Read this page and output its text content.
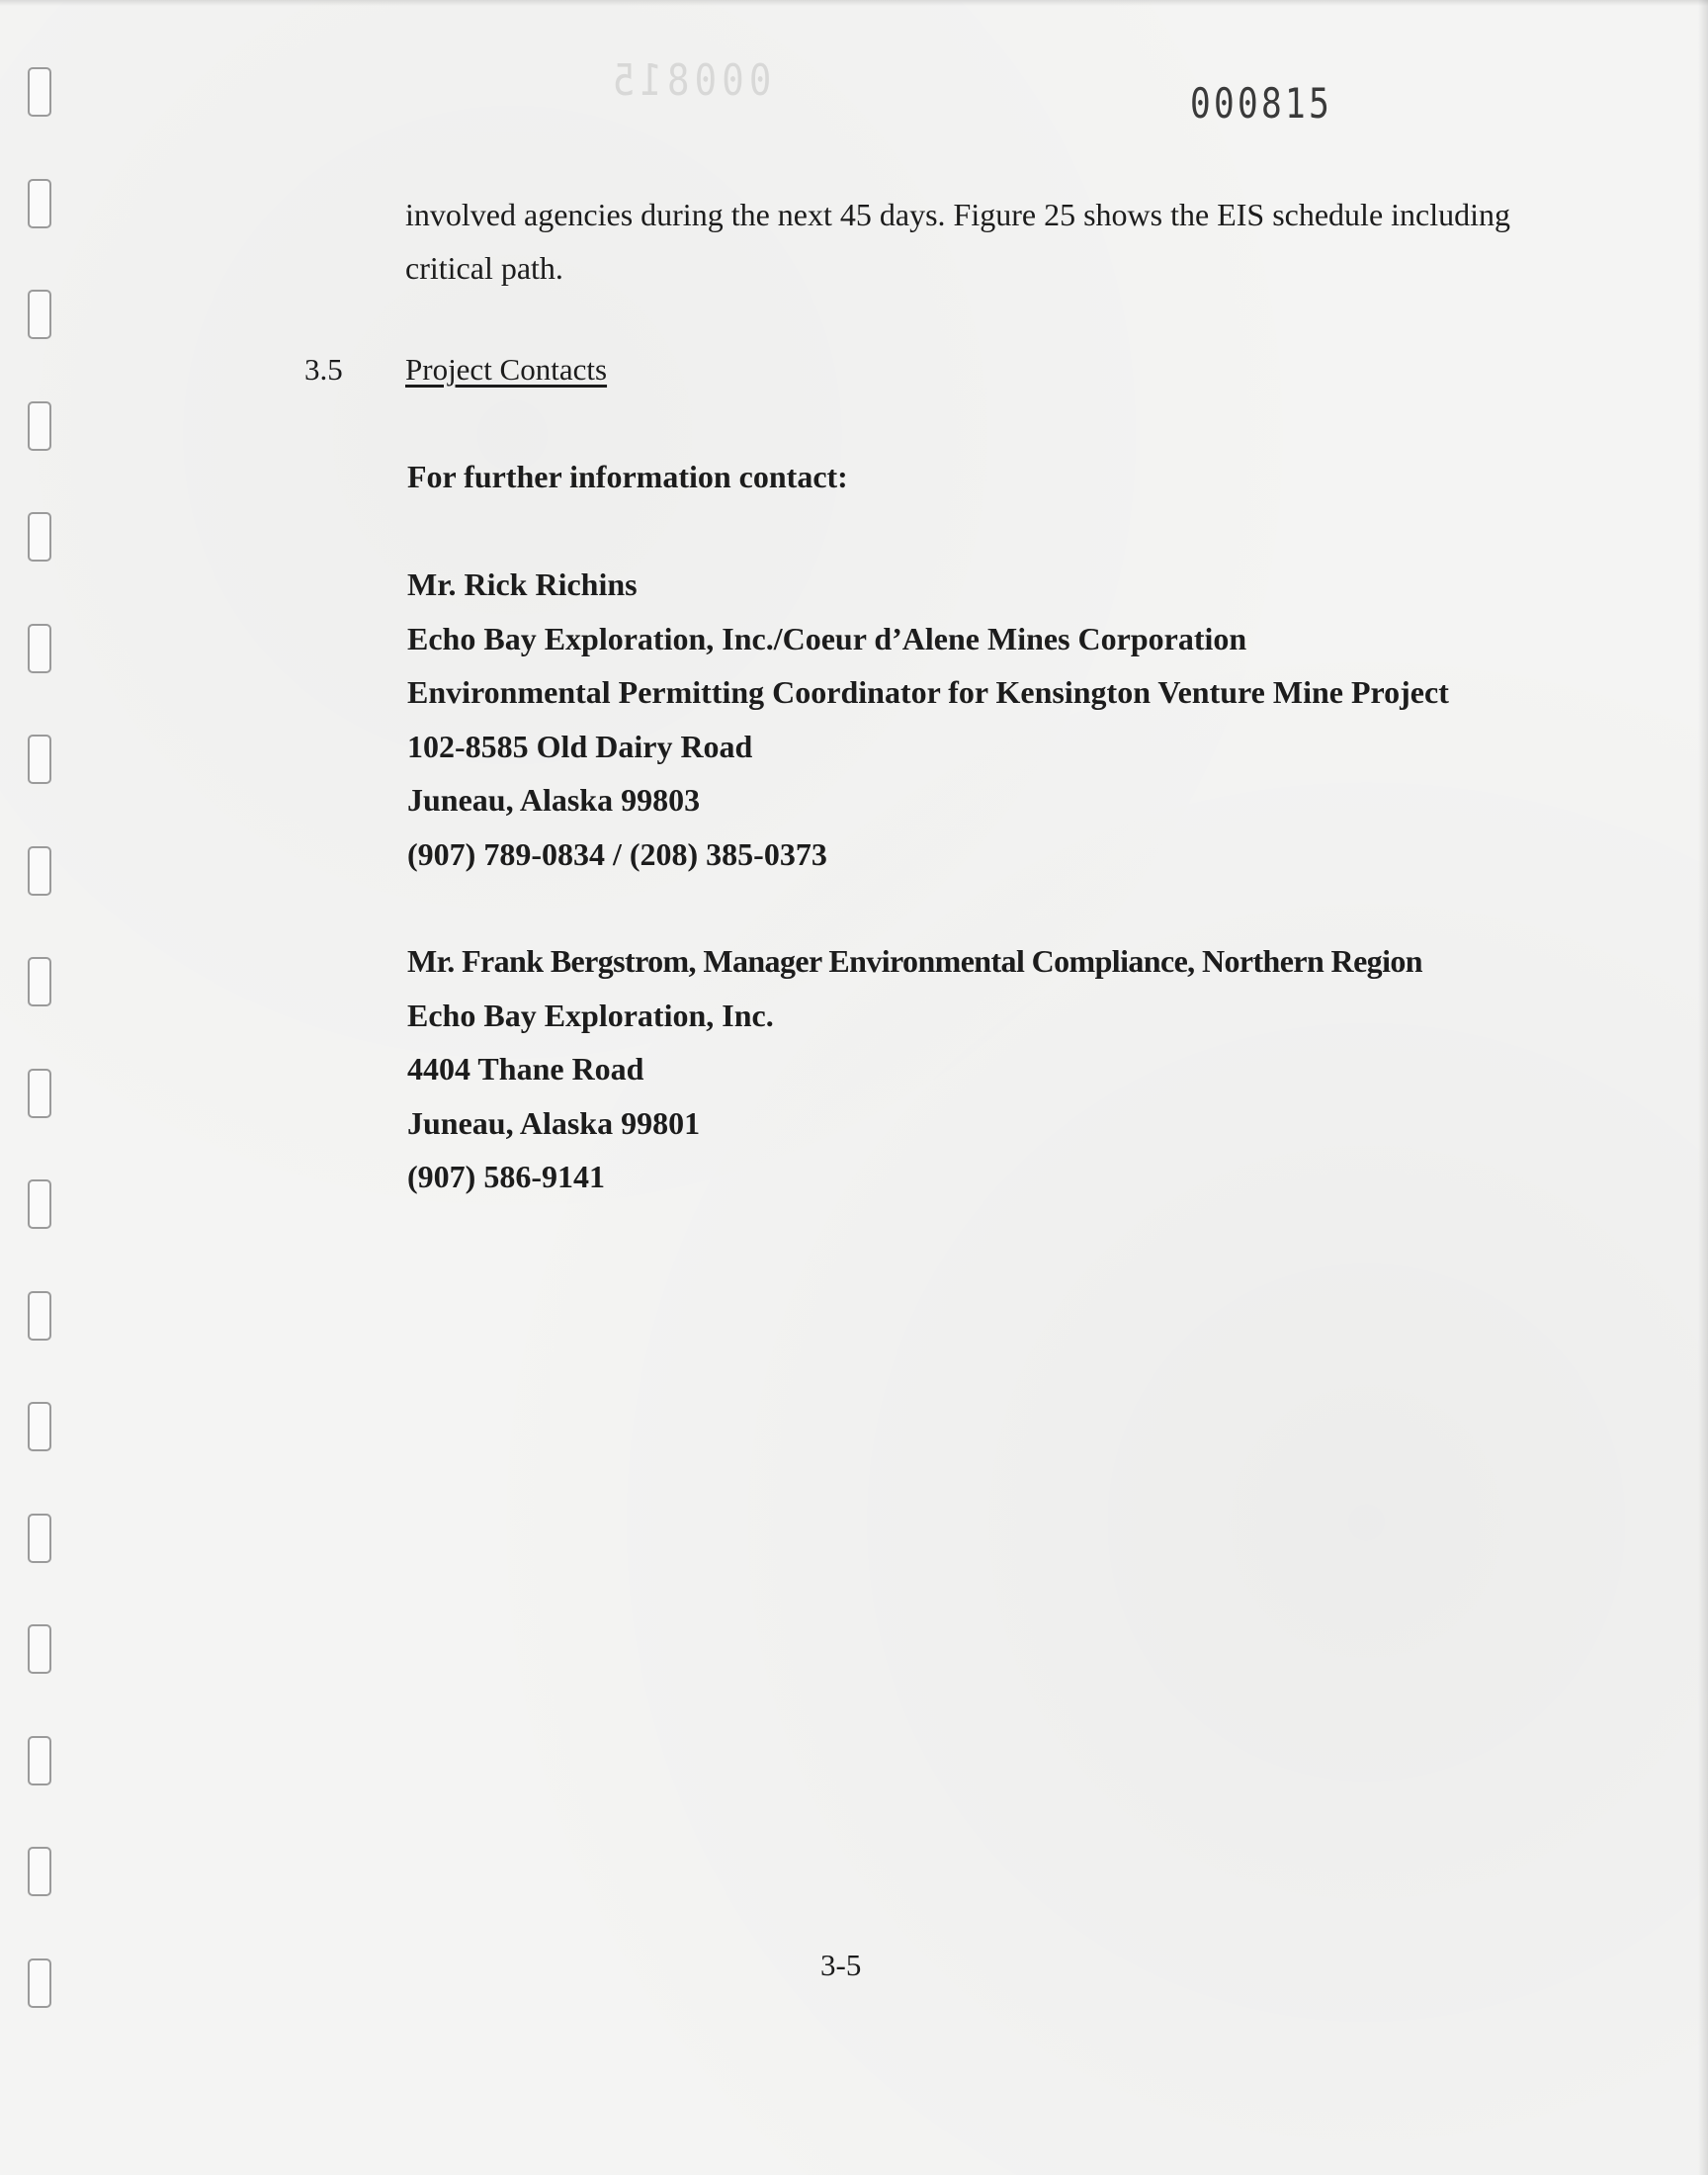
000815	000815

involved agencies during the next 45 days. Figure 25 shows the EIS schedule including critical path.

3.5 Project Contacts
For further information contact:
Mr. Rick Richins
Echo Bay Exploration, Inc./Coeur d’Alene Mines Corporation
Environmental Permitting Coordinator for Kensington Venture Mine Project
102-8585 Old Dairy Road
Juneau, Alaska 99803
(907) 789-0834 / (208) 385-0373
Mr. Frank Bergstrom, Manager Environmental Compliance, Northern Region
Echo Bay Exploration, Inc.
4404 Thane Road
Juneau, Alaska 99801
(907) 586-9141
3-5
